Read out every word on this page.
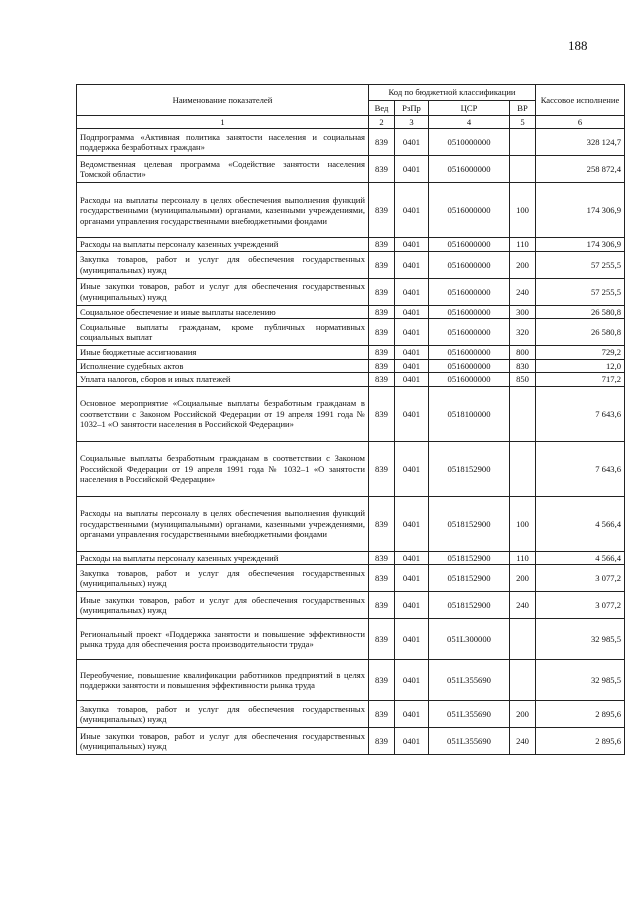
188
Наименование показателей	Код по бюджетной классификации				Кассовое исполнение
	Вед	РзПр	ЦСР	ВР	
1	2	3	4	5	6
Подпрограмма «Активная политика занятости населения и социальная поддержка безработных граждан»	839	0401	0510000000		328 124,7
Ведомственная целевая программа «Содействие занятости населения Томской области»	839	0401	0516000000		258 872,4
Расходы на выплаты персоналу в целях обеспечения выполнения функций государственными (муниципальными) органами, казенными учреждениями, органами управления государственными внебюджетными фондами	839	0401	0516000000	100	174 306,9
Расходы на выплаты персоналу казенных учреждений	839	0401	0516000000	110	174 306,9
Закупка товаров, работ и услуг для обеспечения государственных (муниципальных) нужд	839	0401	0516000000	200	57 255,5
Иные закупки товаров, работ и услуг для обеспечения государственных (муниципальных) нужд	839	0401	0516000000	240	57 255,5
Социальное обеспечение и иные выплаты населению	839	0401	0516000000	300	26 580,8
Социальные выплаты гражданам, кроме публичных нормативных социальных выплат	839	0401	0516000000	320	26 580,8
Иные бюджетные ассигнования	839	0401	0516000000	800	729,2
Исполнение судебных актов	839	0401	0516000000	830	12,0
Уплата налогов, сборов и иных платежей	839	0401	0516000000	850	717,2
Основное мероприятие «Социальные выплаты безработным гражданам в соответствии с Законом Российской Федерации от 19 апреля 1991 года № 1032–1 «О занятости населения в Российской Федерации»	839	0401	0518100000		7 643,6
Социальные выплаты безработным гражданам в соответствии с Законом Российской Федерации от 19 апреля 1991 года № 1032–1 «О занятости населения в Российской Федерации»	839	0401	0518152900		7 643,6
Расходы на выплаты персоналу в целях обеспечения выполнения функций государственными (муниципальными) органами, казенными учреждениями, органами управления государственными внебюджетными фондами	839	0401	0518152900	100	4 566,4
Расходы на выплаты персоналу казенных учреждений	839	0401	0518152900	110	4 566,4
Закупка товаров, работ и услуг для обеспечения государственных (муниципальных) нужд	839	0401	0518152900	200	3 077,2
Иные закупки товаров, работ и услуг для обеспечения государственных (муниципальных) нужд	839	0401	0518152900	240	3 077,2
Региональный проект «Поддержка занятости и повышение эффективности рынка труда для обеспечения роста производительности труда»	839	0401	051L300000		32 985,5
Переобучение, повышение квалификации работников предприятий в целях поддержки занятости и повышения эффективности рынка труда	839	0401	051L355690		32 985,5
Закупка товаров, работ и услуг для обеспечения государственных (муниципальных) нужд	839	0401	051L355690	200	2 895,6
Иные закупки товаров, работ и услуг для обеспечения государственных (муниципальных) нужд	839	0401	051L355690	240	2 895,6
